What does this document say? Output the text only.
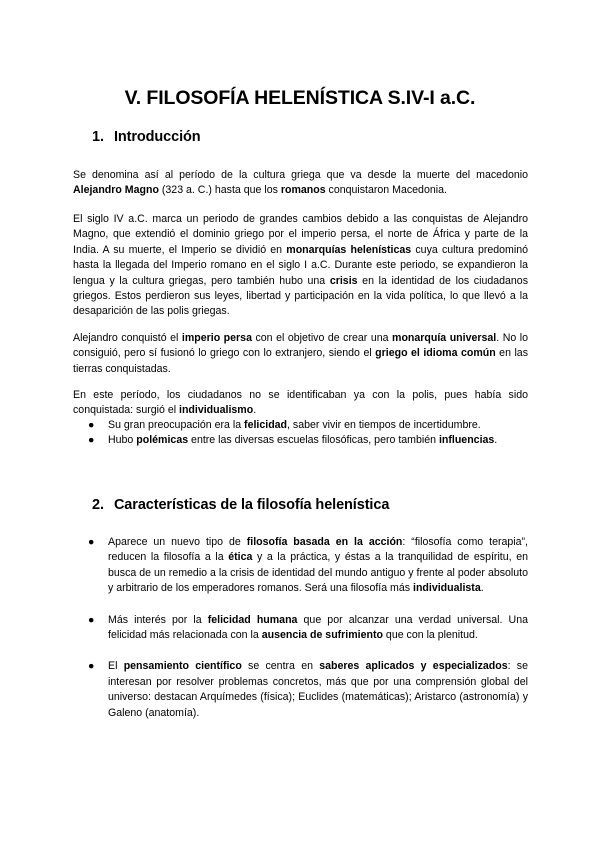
V. FILOSOFÍA HELENÍSTICA S.IV-I a.C.
1. Introducción

Se denomina así al período de la cultura griega que va desde la muerte del macedonio Alejandro Magno (323 a. C.) hasta que los romanos conquistaron Macedonia.

El siglo IV a.C. marca un periodo de grandes cambios debido a las conquistas de Alejandro Magno, que extendió el dominio griego por el imperio persa, el norte de África y parte de la India. A su muerte, el Imperio se dividió en monarquías helenísticas cuya cultura predominó hasta la llegada del Imperio romano en el siglo I a.C. Durante este periodo, se expandieron la lengua y la cultura griegas, pero también hubo una crisis en la identidad de los ciudadanos griegos. Estos perdieron sus leyes, libertad y participación en la vida política, lo que llevó a la desaparición de las polis griegas.

Alejandro conquistó el imperio persa con el objetivo de crear una monarquía universal. No lo consiguió, pero sí fusionó lo griego con lo extranjero, siendo el griego el idioma común en las tierras conquistadas.

En este período, los ciudadanos no se identificaban ya con la polis, pues había sido conquistada: surgió el individualismo.

● Su gran preocupación era la felicidad, saber vivir en tiempos de incertidumbre.
● Hubo polémicas entre las diversas escuelas filosóficas, pero también influencias.
2. Características de la filosofía helenística
● Aparece un nuevo tipo de filosofía basada en la acción: “filosofía como terapia”, reducen la filosofía a la ética y a la práctica, y éstas a la tranquilidad de espíritu, en busca de un remedio a la crisis de identidad del mundo antiguo y frente al poder absoluto y arbitrario de los emperadores romanos. Será una filosofía más individualista.
● Más interés por la felicidad humana que por alcanzar una verdad universal. Una felicidad más relacionada con la ausencia de sufrimiento que con la plenitud.
● El pensamiento científico se centra en saberes aplicados y especializados: se interesan por resolver problemas concretos, más que por una comprensión global del universo: destacan Arquímedes (física); Euclides (matemáticas); Aristarco (astronomía) y Galeno (anatomía).
